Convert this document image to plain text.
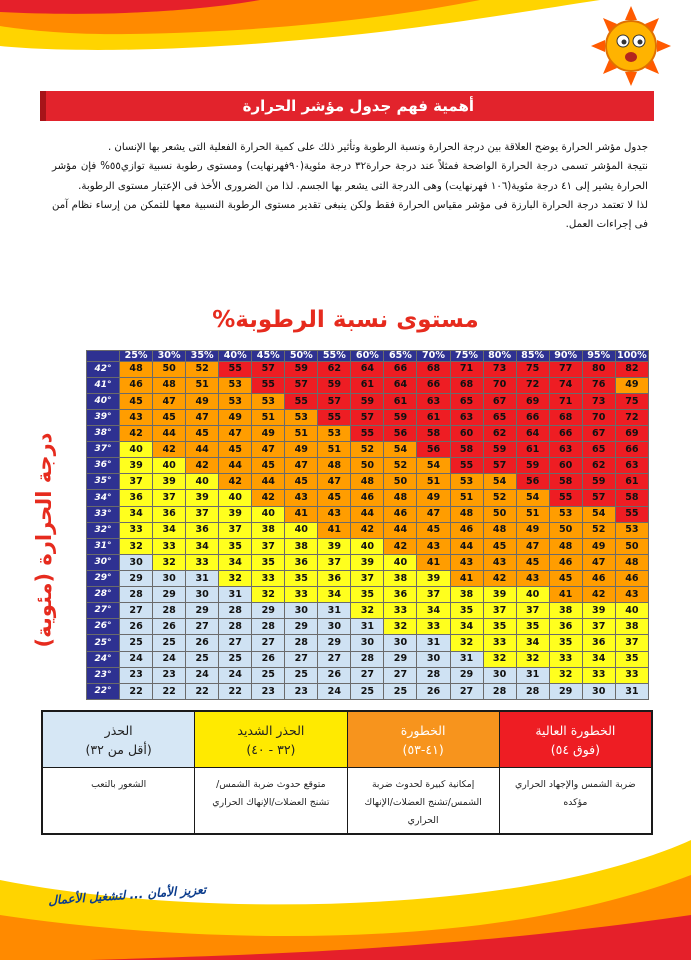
أهمية فهم جدول مؤشر الحرارة

جدول مؤشر الحرارة يوضح العلاقة بين درجة الحرارة ونسبة الرطوبة وتأثير ذلك على كمية الحرارة الفعلية التى يشعر بها الإنسان .

نتيجة المؤشر تسمى درجة الحرارة الواضحة فمثلاً عند درجة حرارة٣٢ درجة مئوية(٩٠فهرنهايت) ومستوى رطوبة نسبية توازي٥٥% فإن مؤشر الحرارة يشير إلى ٤١ درجة مئوية(١٠٦ فهرنهايت) وهى الدرجة التى يشعر بها الجسم. لذا من الضرورى الأخذ فى الإعتبار مستوى الرطوبة.

لذا لا تعتمد درجة الحرارة البارزة فى مؤشر مقياس الحرارة فقط ولكن ينبغى تقدير مستوى الرطوبة النسبية معها للتمكن من إرساء نظام آمن فى إجراءات العمل.

مستوى نسبة الرطوبة%
درجة الحرارة (مئوية)
	25%	30%	35%	40%	45%	50%	55%	60%	65%	70%	75%	80%	85%	90%	95%	100%
42°	48	50	52	55	57	59	62	64	66	68	71	73	75	77	80	82
41°	46	48	51	53	55	57	59	61	64	66	68	70	72	74	76	49
40°	45	47	49	53	53	55	57	59	61	63	65	67	69	71	73	75
39°	43	45	47	49	51	53	55	57	59	61	63	65	66	68	70	72
38°	42	44	45	47	49	51	53	55	56	58	60	62	64	66	67	69
37°	40	42	44	45	47	49	51	52	54	56	58	59	61	63	65	66
36°	39	40	42	44	45	47	48	50	52	54	55	57	59	60	62	63
35°	37	39	40	42	44	45	47	48	50	51	53	54	56	58	59	61
34°	36	37	39	40	42	43	45	46	48	49	51	52	54	55	57	58
33°	34	36	37	39	40	41	43	44	46	47	48	50	51	53	54	55
32°	33	34	36	37	38	40	41	42	44	45	46	48	49	50	52	53
31°	32	33	34	35	37	38	39	40	42	43	44	45	47	48	49	50
30°	30	32	33	34	35	36	37	39	40	41	43	43	45	46	47	48
29°	29	30	31	32	33	35	36	37	38	39	41	42	43	45	46	46
28°	28	29	30	31	32	33	34	35	36	37	38	39	40	41	42	43
27°	27	28	29	28	29	30	31	32	33	34	35	37	37	38	39	40
26°	26	26	27	28	28	29	30	31	32	33	34	35	35	36	37	38
25°	25	25	26	27	27	28	29	30	30	31	32	33	34	35	36	37
24°	24	24	25	25	26	27	27	28	29	30	31	32	32	33	34	35
23°	23	23	24	24	25	25	26	27	27	28	29	30	31	32	33	33
22°	22	22	22	22	23	23	24	25	25	26	27	28	28	29	30	31
الخطورة العالية
(فوق ٥٤)
ضربة الشمس والإجهاد الحراري مؤكده
الخطورة
(٤١-٥٣)
إمكانية كبيرة لحدوث ضربة الشمس/تشنج العضلات/الإنهاك الحراري
الحذر الشديد
(٣٢ - ٤٠)
متوقع حدوث ضربة الشمس/تشنج العضلات/الإنهاك الحراري
الحذر
(أقل من ٣٢)
الشعور بالتعب
تعزيز الأمان ... لتشغيل الأعمال
